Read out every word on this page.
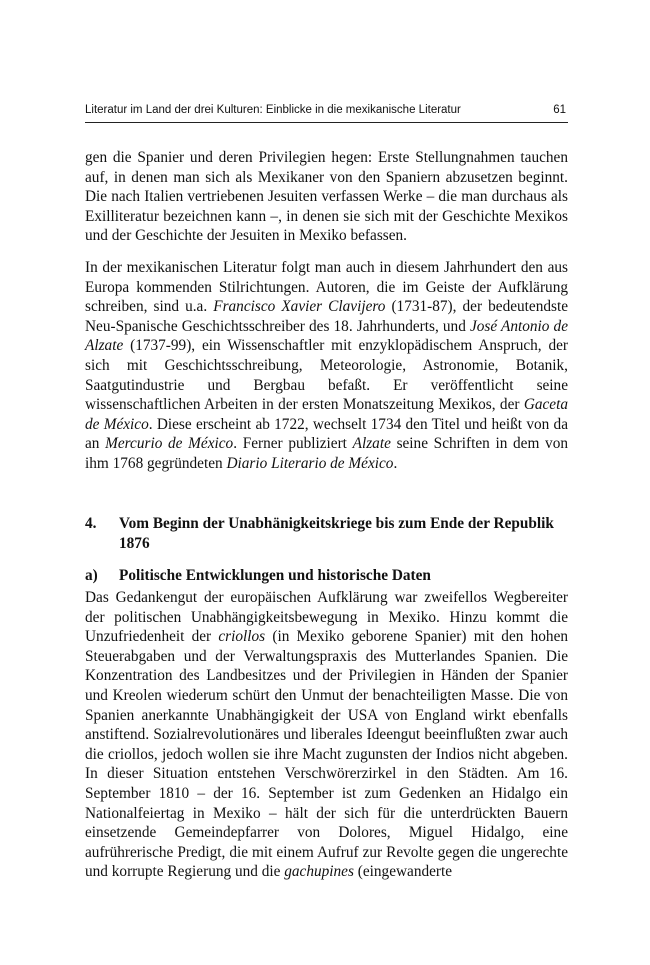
Literatur im Land der drei Kulturen: Einblicke in die mexikanische Literatur	61

gen die Spanier und deren Privilegien hegen: Erste Stellungnahmen tauchen auf, in denen man sich als Mexikaner von den Spaniern abzusetzen beginnt. Die nach Italien vertriebenen Jesuiten verfassen Werke – die man durchaus als Exilliteratur bezeichnen kann –, in denen sie sich mit der Geschichte Mexikos und der Geschichte der Jesuiten in Mexiko befassen.

In der mexikanischen Literatur folgt man auch in diesem Jahrhundert den aus Europa kommenden Stilrichtungen. Autoren, die im Geiste der Aufklärung schreiben, sind u.a. Francisco Xavier Clavijero (1731-87), der bedeutendste Neu-Spanische Geschichtsschreiber des 18. Jahrhunderts, und José Antonio de Alzate (1737-99), ein Wissenschaftler mit enzyklopädischem Anspruch, der sich mit Geschichtsschreibung, Meteorologie, Astronomie, Botanik, Saatgutindustrie und Bergbau befaßt. Er veröffentlicht seine wissenschaftlichen Arbeiten in der ersten Monatszeitung Mexikos, der Gaceta de México. Diese erscheint ab 1722, wechselt 1734 den Titel und heißt von da an Mercurio de México. Ferner publiziert Alzate seine Schriften in dem von ihm 1768 gegründeten Diario Literario de México.

4. Vom Beginn der Unabhänigkeitskriege bis zum Ende der Republik 1876
a) Politische Entwicklungen und historische Daten

Das Gedankengut der europäischen Aufklärung war zweifellos Wegbereiter der politischen Unabhängigkeitsbewegung in Mexiko. Hinzu kommt die Unzufriedenheit der criollos (in Mexiko geborene Spanier) mit den hohen Steuerabgaben und der Verwaltungspraxis des Mutterlandes Spanien. Die Konzentration des Landbesitzes und der Privilegien in Händen der Spanier und Kreolen wiederum schürt den Unmut der benachteiligten Masse. Die von Spanien anerkannte Unabhängigkeit der USA von England wirkt ebenfalls anstiftend. Sozialrevolutionäres und liberales Ideengut beeinflußten zwar auch die criollos, jedoch wollen sie ihre Macht zugunsten der Indios nicht abgeben. In dieser Situation entstehen Verschwörerzirkel in den Städten. Am 16. September 1810 – der 16. September ist zum Gedenken an Hidalgo ein Nationalfeiertag in Mexiko – hält der sich für die unterdrückten Bauern einsetzende Gemeindepfarrer von Dolores, Miguel Hidalgo, eine aufrührerische Predigt, die mit einem Aufruf zur Revolte gegen die ungerechte und korrupte Regierung und die gachupines (eingewanderte
